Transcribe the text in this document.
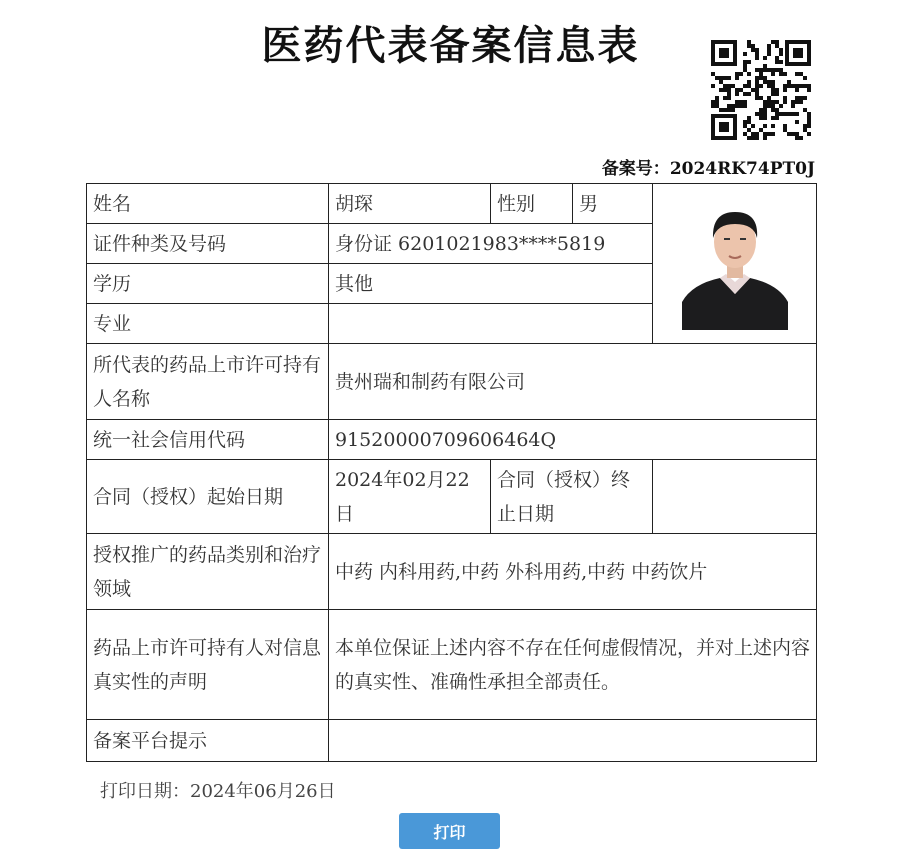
医药代表备案信息表
备案号：2024RK74PT0J
姓名	胡琛	性别	男	

证件种类及号码	身份证 6201021983****5819			
学历	其他			
专业				
所代表的药品上市许可持有人名称	贵州瑞和制药有限公司			
统一社会信用代码	91520000709606464Q			
合同（授权）起始日期	2024年02月22日	合同（授权）终止日期		
授权推广的药品类别和治疗领域	中药 内科用药,中药 外科用药,中药 中药饮片			
药品上市许可持有人对信息真实性的声明	本单位保证上述内容不存在任何虚假情况，并对上述内容的真实性、准确性承担全部责任。			
备案平台提示				
打印日期：2024年06月26日
打印
